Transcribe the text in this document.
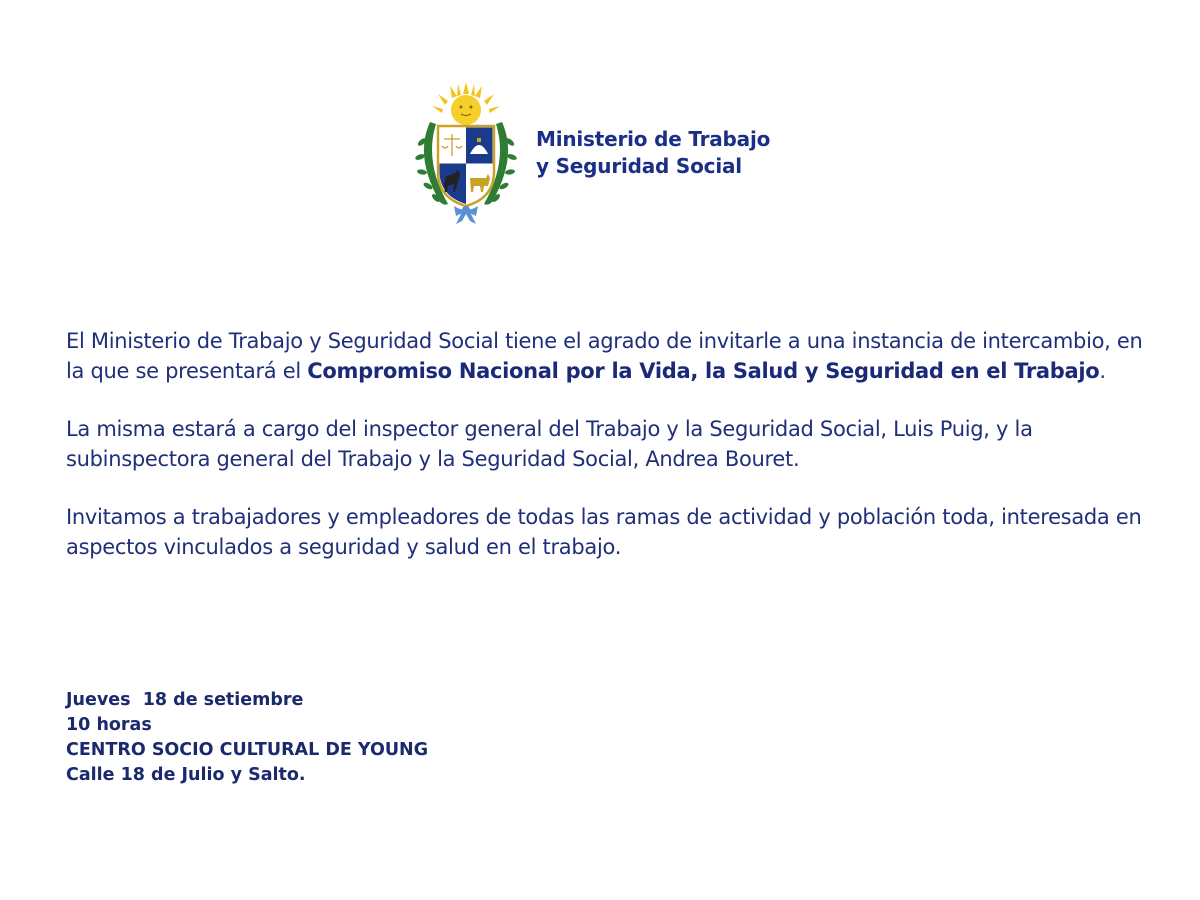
Ministerio de Trabajo
y Seguridad Social

El Ministerio de Trabajo y Seguridad Social tiene el agrado de invitarle a una instancia de intercambio, en la que se presentará el Compromiso Nacional por la Vida, la Salud y Seguridad en el Trabajo.

La misma estará a cargo del inspector general del Trabajo y la Seguridad Social, Luis Puig, y la subinspectora general del Trabajo y la Seguridad Social, Andrea Bouret.

Invitamos a trabajadores y empleadores de todas las ramas de actividad y población toda, interesada en aspectos vinculados a seguridad y salud en el trabajo.

Jueves  18 de setiembre
10 horas
CENTRO SOCIO CULTURAL DE YOUNG
Calle 18 de Julio y Salto.
